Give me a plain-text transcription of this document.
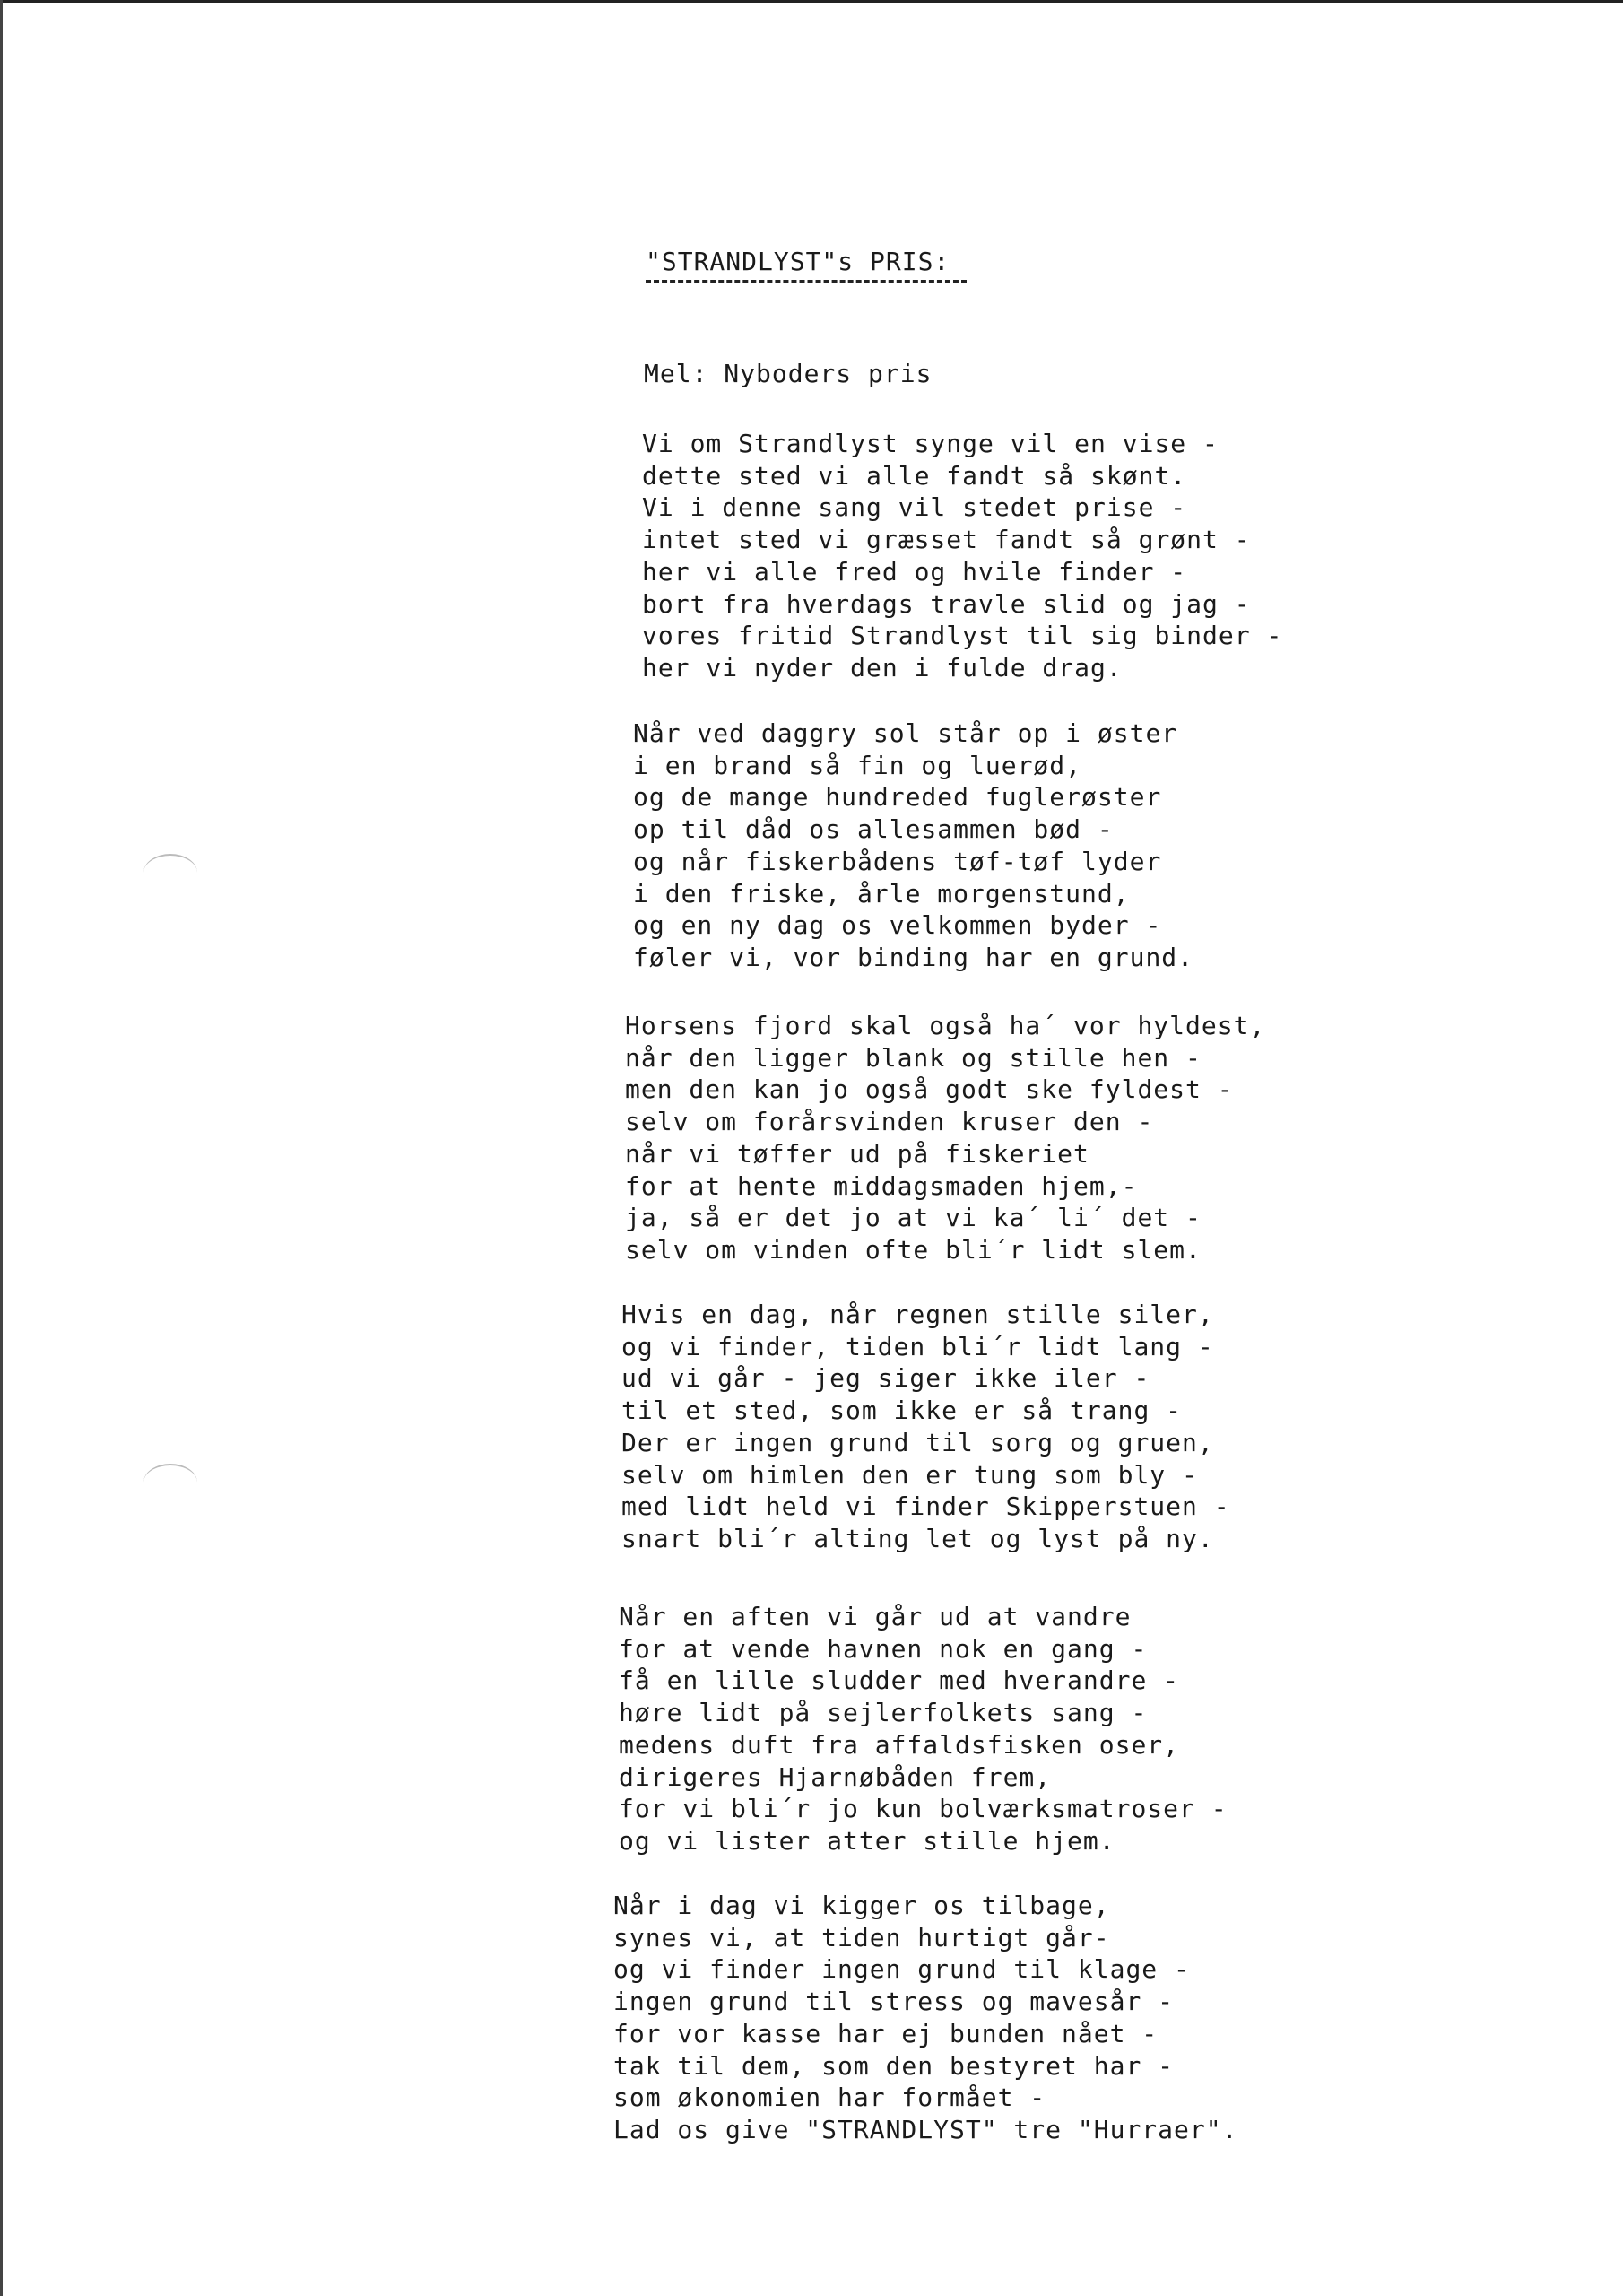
"STRANDLYST"s PRIS:
Mel: Nyboders pris
Vi om Strandlyst synge vil en vise -
dette sted vi alle fandt så skønt.
Vi i denne sang vil stedet prise -
intet sted vi græsset fandt så grønt -
her vi alle fred og hvile finder -
bort fra hverdags travle slid og jag -
vores fritid Strandlyst til sig binder -
her vi nyder den i fulde drag.
Når ved daggry sol står op i øster
i en brand så fin og luerød,
og de mange hundreded fuglerøster
op til dåd os allesammen bød -
og når fiskerbådens tøf-tøf lyder
i den friske, årle morgenstund,
og en ny dag os velkommen byder -
føler vi, vor binding har en grund.
Horsens fjord skal også ha´ vor hyldest,
når den ligger blank og stille hen -
men den kan jo også godt ske fyldest -
selv om forårsvinden kruser den -
når vi tøffer ud på fiskeriet
for at hente middagsmaden hjem,-
ja, så er det jo at vi ka´ li´ det -
selv om vinden ofte bli´r lidt slem.
Hvis en dag, når regnen stille siler,
og vi finder, tiden bli´r lidt lang -
ud vi går - jeg siger ikke iler -
til et sted, som ikke er så trang -
Der er ingen grund til sorg og gruen,
selv om himlen den er tung som bly -
med lidt held vi finder Skipperstuen -
snart bli´r alting let og lyst på ny.
Når en aften vi går ud at vandre
for at vende havnen nok en gang -
få en lille sludder med hverandre -
høre lidt på sejlerfolkets sang -
medens duft fra affaldsfisken oser,
dirigeres Hjarnøbåden frem,
for vi bli´r jo kun bolværksmatroser -
og vi lister atter stille hjem.
Når i dag vi kigger os tilbage,
synes vi, at tiden hurtigt går-
og vi finder ingen grund til klage -
ingen grund til stress og mavesår -
for vor kasse har ej bunden nået -
tak til dem, som den bestyret har -
som økonomien har formået -
Lad os give "STRANDLYST" tre "Hurraer".
